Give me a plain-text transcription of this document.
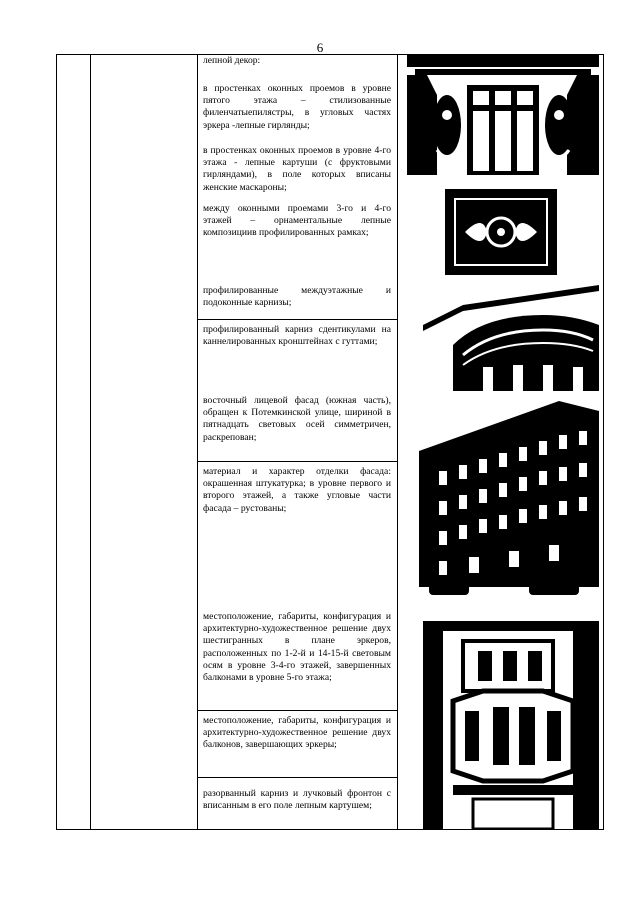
6
лепной декор:
в простенках оконных проемов в уровне пятого этажа – стилизованные филенчатыепилястры, в угловых частях эркера -лепные гирлянды;
в простенках оконных проемов в уровне 4-го этажа - лепные картуши (с фруктовыми гирляндами), в поле которых вписаны женские маскароны;
между оконными проемами 3-го и 4-го этажей – орнаментальные лепные композициив профилированных рамках;
профилированные междуэтажные и подоконные карнизы;
профилированный карниз сдентикулами на каннелированных кронштейнах с гуттами;
восточный лицевой фасад (южная часть), обращен к Потемкинской улице, шириной в пятнадцать световых осей симметричен, раскрепован;
материал и характер отделки фасада: окрашенная штукатурка; в уровне первого и второго этажей, а также угловые части фасада – рустованы;
местоположение, габариты, конфигурация и архитектурно-художественное решение двух шестигранных в плане эркеров, расположенных по 1-2-й и 14-15-й световым осям в уровне 3-4-го этажей, завершенных балконами в уровне 5-го этажа;
местоположение, габариты, конфигурация и архитектурно-художественное решение двух балконов, завершающих эркеры;
разорванный карниз и лучковый фронтон с вписанным в его поле лепным картушем;
